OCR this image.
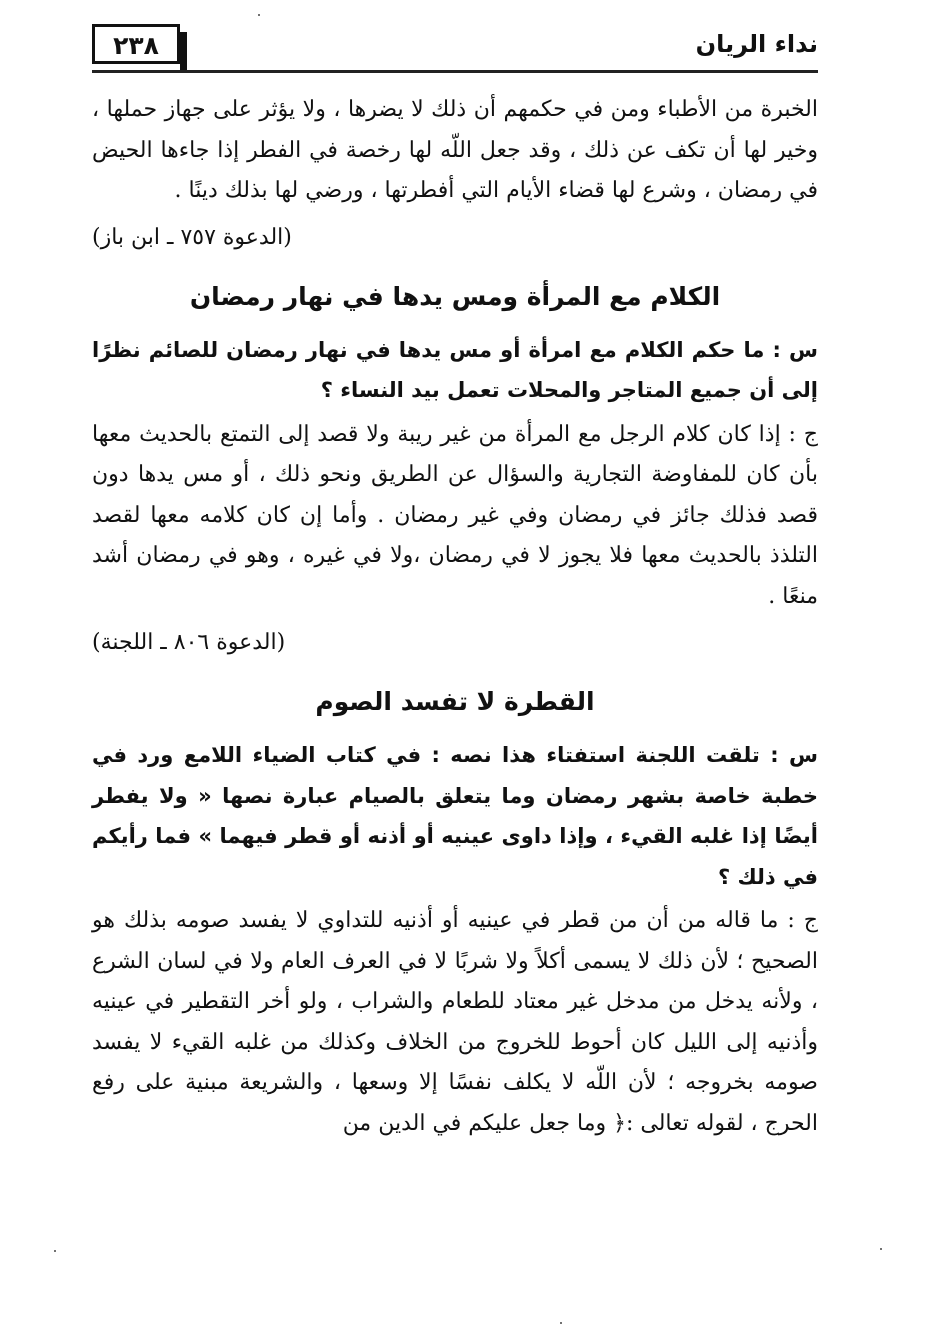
نداء الريان
٢٣٨

الخبرة من الأطباء ومن في حكمهم أن ذلك لا يضرها ، ولا يؤثر على جهاز حملها ، وخير لها أن تكف عن ذلك ، وقد جعل اللّه لها رخصة في الفطر إذا جاءها الحيض في رمضان ، وشرع لها قضاء الأيام التي أفطرتها ، ورضي لها بذلك دينًا .

(الدعوة ٧٥٧ ـ ابن باز)
الكلام مع المرأة ومس يدها في نهار رمضان

س : ما حكم الكلام مع امرأة أو مس يدها في نهار رمضان للصائم نظرًا إلى أن جميع المتاجر والمحلات تعمل بيد النساء ؟

ج : إذا كان كلام الرجل مع المرأة من غير ريبة ولا قصد إلى التمتع بالحديث معها بأن كان للمفاوضة التجارية والسؤال عن الطريق ونحو ذلك ، أو مس يدها دون قصد فذلك جائز في رمضان وفي غير رمضان . وأما إن كان كلامه معها لقصد التلذذ بالحديث معها فلا يجوز لا في رمضان ،ولا في غيره ، وهو في رمضان أشد منعًا .

(الدعوة ٨٠٦ ـ اللجنة)
القطرة لا تفسد الصوم

س : تلقت اللجنة استفتاء هذا نصه : في كتاب الضياء اللامع ورد في خطبة خاصة بشهر رمضان وما يتعلق بالصيام عبارة نصها « ولا يفطر أيضًا إذا غلبه القيء ، وإذا داوى عينيه أو أذنه أو قطر فيهما » فما رأيكم في ذلك ؟

ج : ما قاله من أن من قطر في عينيه أو أذنيه للتداوي لا يفسد صومه بذلك هو الصحيح ؛ لأن ذلك لا يسمى أكلاً ولا شربًا لا في العرف العام ولا في لسان الشرع ، ولأنه يدخل من مدخل غير معتاد للطعام والشراب ، ولو أخر التقطير في عينيه وأذنيه إلى الليل كان أحوط للخروج من الخلاف وكذلك من غلبه القيء لا يفسد صومه بخروجه ؛ لأن اللّه لا يكلف نفسًا إلا وسعها ، والشريعة مبنية على رفع الحرج ، لقوله تعالى :﴿ وما جعل عليكم في الدين من
